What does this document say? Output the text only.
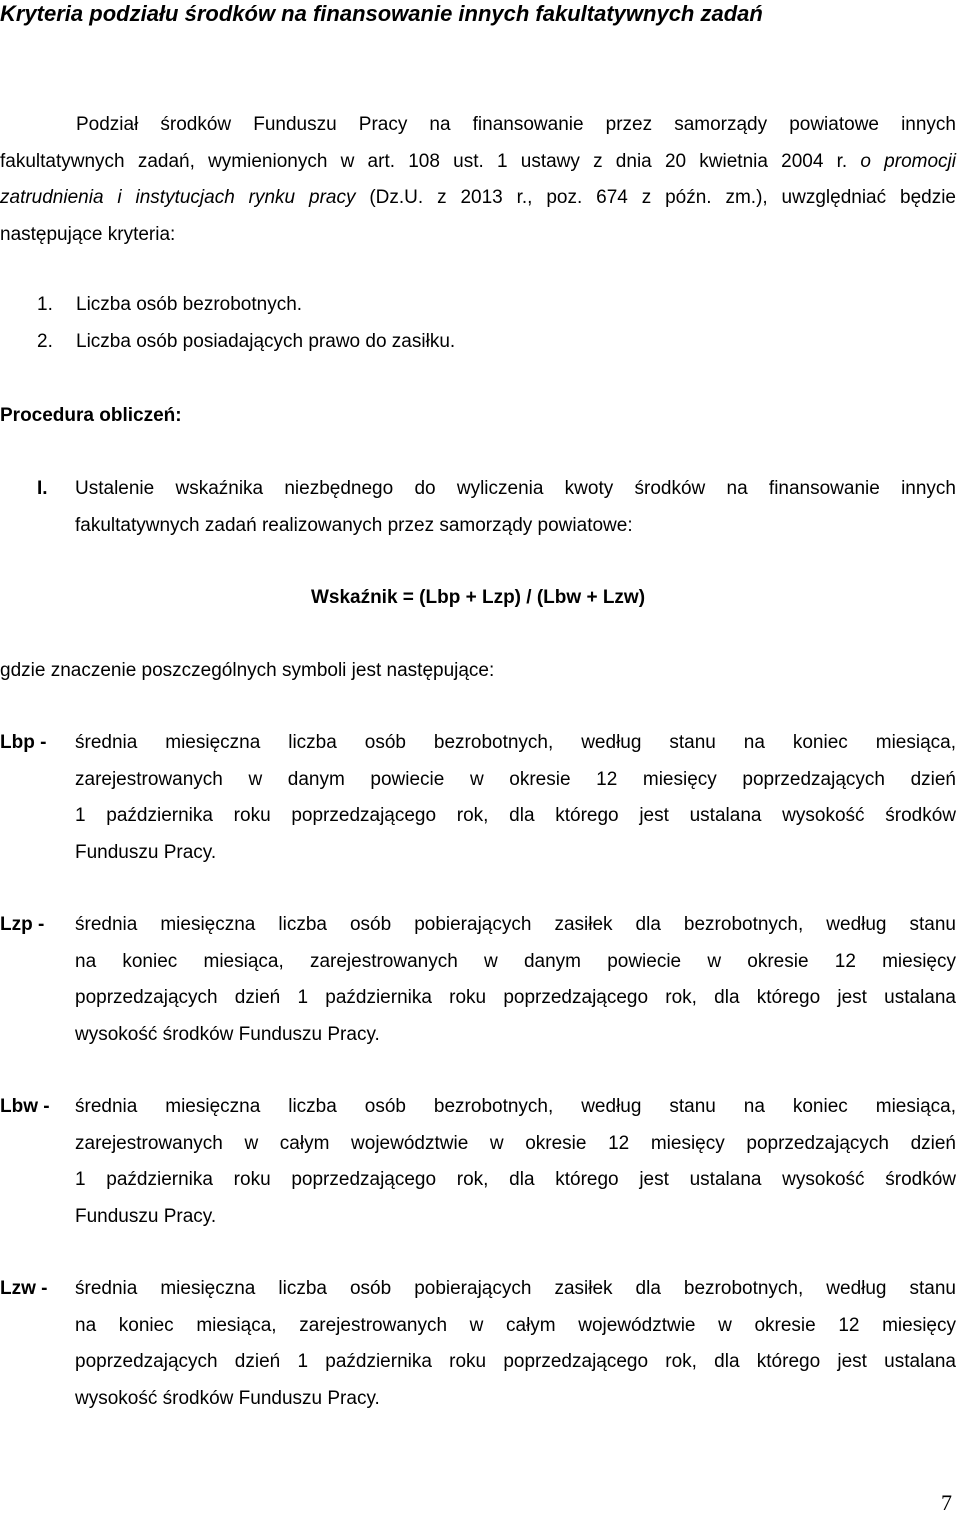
Kryteria podziału środków na finansowanie innych fakultatywnych zadań

Podział środków Funduszu Pracy na finansowanie przez samorządy powiatowe innych

fakultatywnych zadań, wymienionych w art. 108 ust. 1 ustawy z dnia 20 kwietnia 2004 r. o promocji

zatrudnienia i instytucjach rynku pracy (Dz.U. z 2013 r., poz. 674 z późn. zm.), uwzględniać będzie

następujące kryteria:

1. Liczba osób bezrobotnych.
2. Liczba osób posiadających prawo do zasiłku.
Procedura obliczeń:
I. Ustalenie wskaźnika niezbędnego do wyliczenia kwoty środków na finansowanie innych
fakultatywnych zadań realizowanych przez samorządy powiatowe:

Wskaźnik = (Lbp + Lzp) / (Lbw + Lzw)
gdzie znaczenie poszczególnych symboli jest następujące:
Lbp - średnia miesięczna liczba osób bezrobotnych, według stanu na koniec miesiąca,
zarejestrowanych w danym powiecie w okresie 12 miesięcy poprzedzających dzień
1 października roku poprzedzającego rok, dla którego jest ustalana wysokość środków
Funduszu Pracy.
Lzp - średnia miesięczna liczba osób pobierających zasiłek dla bezrobotnych, według stanu
na koniec miesiąca, zarejestrowanych w danym powiecie w okresie 12 miesięcy
poprzedzających dzień 1 października roku poprzedzającego rok, dla którego jest ustalana
wysokość środków Funduszu Pracy.
Lbw - średnia miesięczna liczba osób bezrobotnych, według stanu na koniec miesiąca,
zarejestrowanych w całym województwie w okresie 12 miesięcy poprzedzających dzień
1 października roku poprzedzającego rok, dla którego jest ustalana wysokość środków
Funduszu Pracy.
Lzw - średnia miesięczna liczba osób pobierających zasiłek dla bezrobotnych, według stanu
na koniec miesiąca, zarejestrowanych w całym województwie w okresie 12 miesięcy
poprzedzających dzień 1 października roku poprzedzającego rok, dla którego jest ustalana
wysokość środków Funduszu Pracy.
7
